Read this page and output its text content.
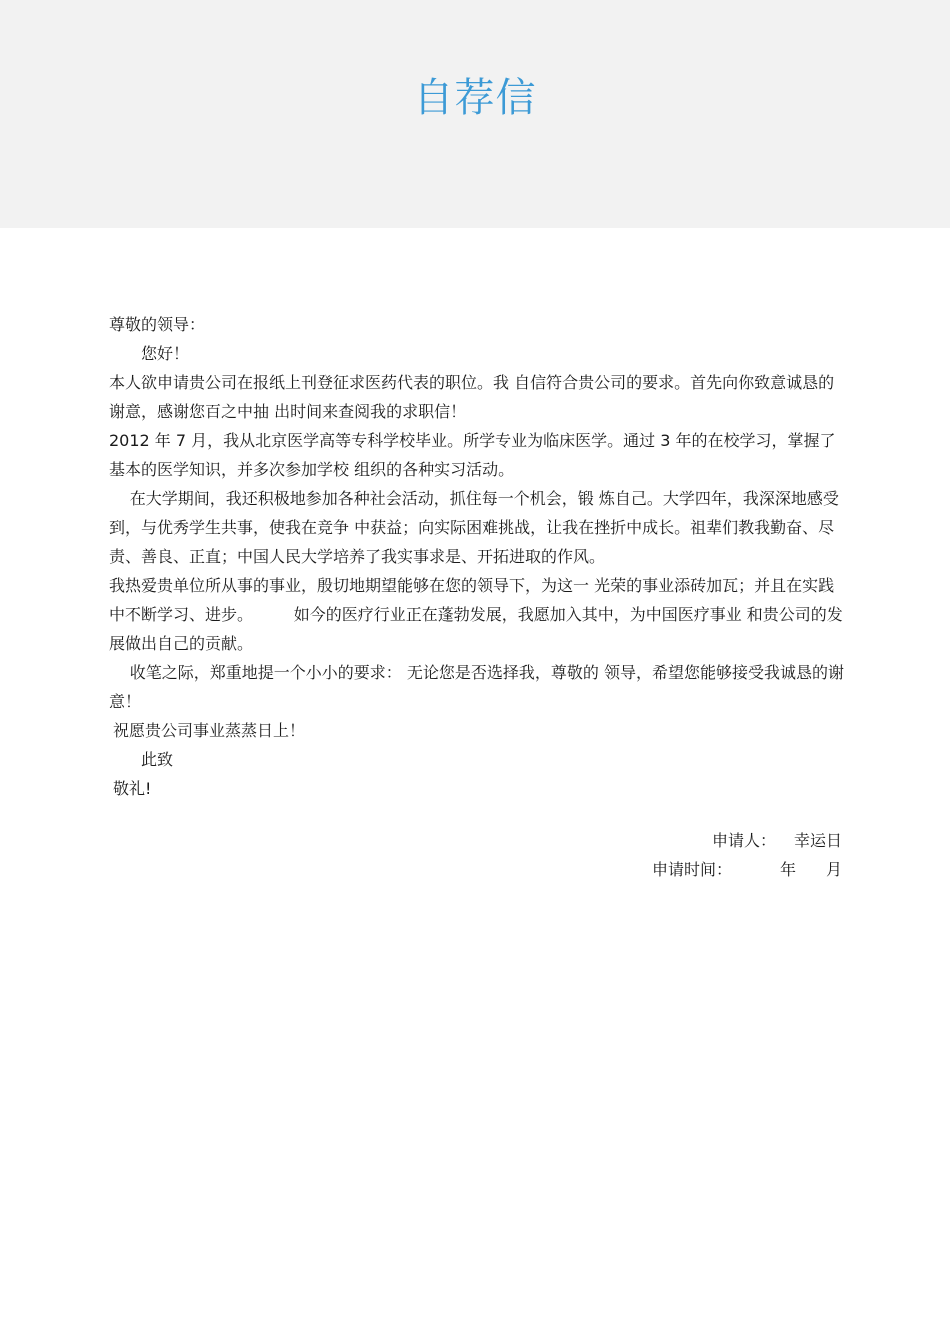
自荐信

尊敬的领导：

您好！

本人欲申请贵公司在报纸上刊登征求医药代表的职位。我 自信符合贵公司的要求。首先向你致意诚恳的谢意，感谢您百之中抽 出时间来查阅我的求职信！

2012 年 7 月，我从北京医学高等专科学校毕业。所学专业为临床医学。通过 3 年的在校学习，掌握了基本的医学知识，并多次参加学校 组织的各种实习活动。

在大学期间，我还积极地参加各种社会活动，抓住每一个机会，锻 炼自己。大学四年，我深深地感受到，与优秀学生共事，使我在竞争 中获益；向实际困难挑战，让我在挫折中成长。祖辈们教我勤奋、尽 责、善良、正直；中国人民大学培养了我实事求是、开拓进取的作风。

我热爱贵单位所从事的事业，殷切地期望能够在您的领导下，为这一 光荣的事业添砖加瓦；并且在实践中不断学习、进步。        如今的医疗行业正在蓬勃发展，我愿加入其中，为中国医疗事业 和贵公司的发展做出自己的贡献。

收笔之际，郑重地提一个小小的要求： 无论您是否选择我，尊敬的 领导，希望您能够接受我诚恳的谢意！

祝愿贵公司事业蒸蒸日上！

此致

敬礼!

申请人： 幸运日
申请时间：	年 月
